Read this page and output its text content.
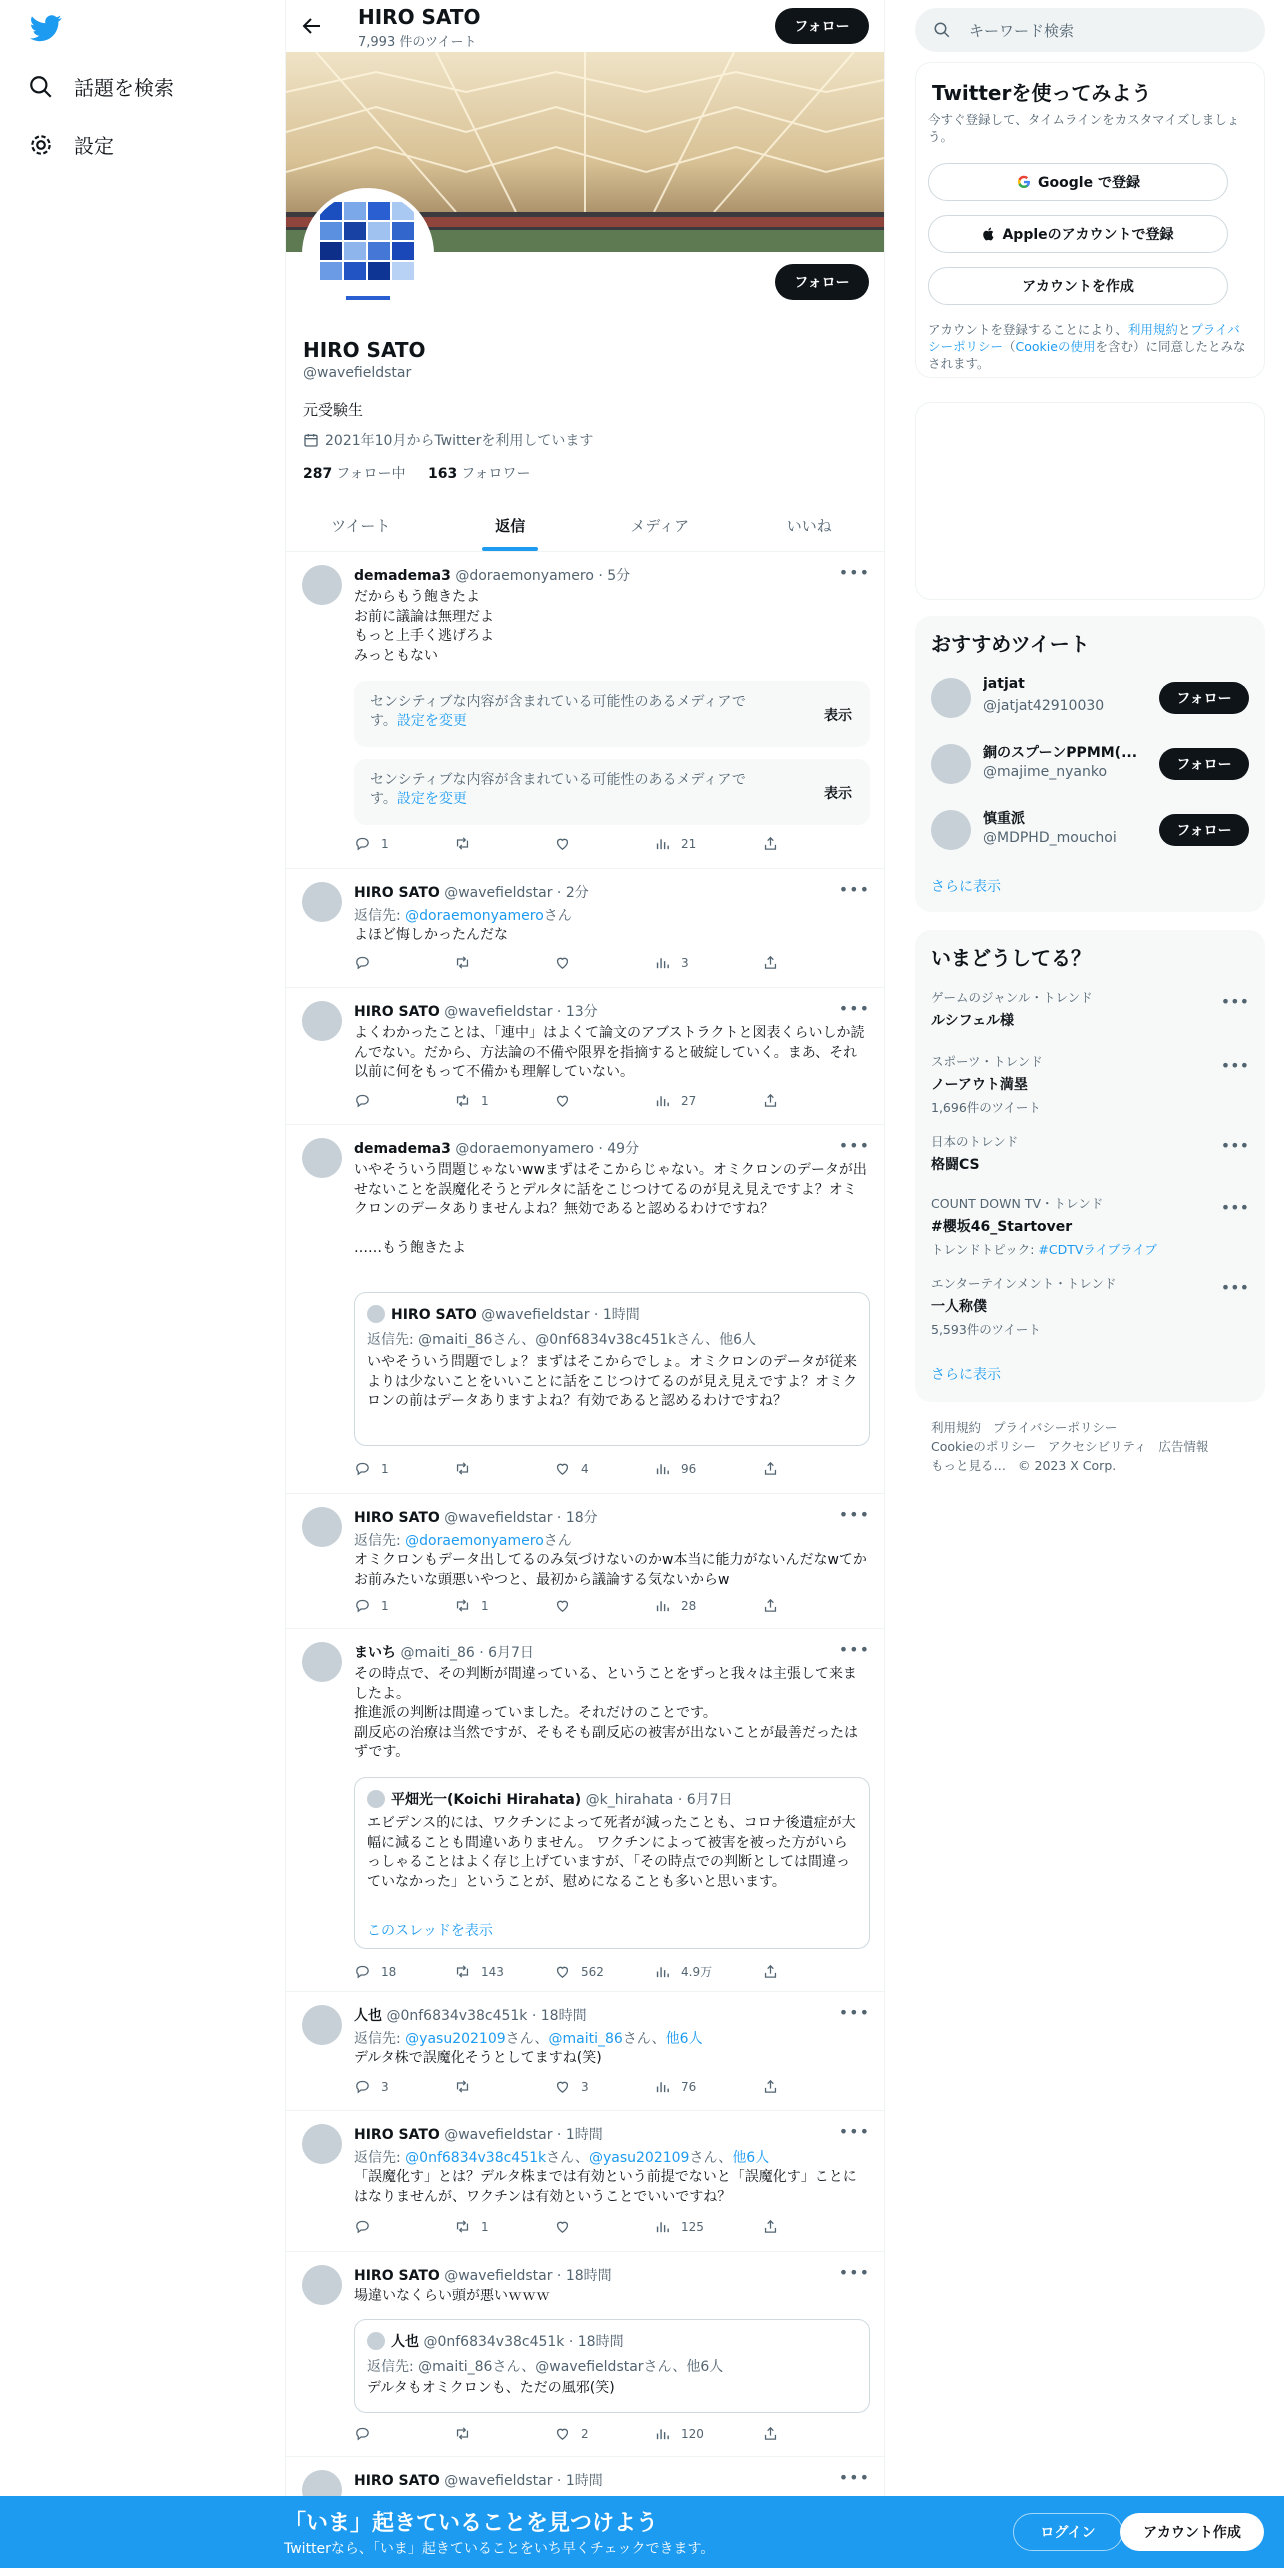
話題を検索
設定
HIRO SATO
7,993 件のツイート
フォロー
フォロー
HIRO SATO
@wavefieldstar
元受験生
2021年10月からTwitterを利用しています
287 フォロー中 163 フォロワー
ツイート	返信	メディア	いいね
demadema3 @doraemonyamero · 5分	•••
だからもう飽きたよ
お前に議論は無理だよ
もっと上手く逃げろよ
みっともない
センシティブな内容が含まれている可能性のあるメディアです。設定を変更	表示
センシティブな内容が含まれている可能性のあるメディアです。設定を変更	表示
1	21
HIRO SATO @wavefieldstar · 2分	•••
返信先: @doraemonyameroさん
よほど悔しかったんだな
3
HIRO SATO @wavefieldstar · 13分	•••
よくわかったことは、「連中」はよくて論文のアブストラクトと図表くらいしか読んでない。だから、方法論の不備や限界を指摘すると破綻していく。まあ、それ以前に何をもって不備かも理解していない。
1	27
demadema3 @doraemonyamero · 49分	•••
いやそういう問題じゃないwwまずはそこからじゃない。オミクロンのデータが出せないことを誤魔化そうとデルタに話をこじつけてるのが見え見えですよ？オミクロンのデータありませんよね？無効であると認めるわけですね？

……もう飽きたよ
HIRO SATO @wavefieldstar · 1時間
返信先: @maiti_86さん、@0nf6834v38c451kさん、他6人
いやそういう問題でしょ？まずはそこからでしょ。オミクロンのデータが従来よりは少ないことをいいことに話をこじつけてるのが見え見えですよ？オミクロンの前はデータありますよね？有効であると認めるわけですね？
1	4	96
HIRO SATO @wavefieldstar · 18分	•••
返信先: @doraemonyameroさん
オミクロンもデータ出してるのみ気づけないのかw本当に能力がないんだなwてかお前みたいな頭悪いやつと、最初から議論する気ないからw
1	1	28
まいち @maiti_86 · 6月7日	•••
その時点で、その判断が間違っている、ということをずっと我々は主張して来ましたよ。
推進派の判断は間違っていました。それだけのことです。
副反応の治療は当然ですが、そもそも副反応の被害が出ないことが最善だったはずです。
平畑光一(Koichi Hirahata) @k_hirahata · 6月7日
エビデンス的には、ワクチンによって死者が減ったことも、コロナ後遺症が大幅に減ることも間違いありません。 ワクチンによって被害を被った方がいらっしゃることはよく存じ上げていますが、「その時点での判断としては間違っていなかった」ということが、慰めになることも多いと思います。
このスレッドを表示
18	143	562	4.9万
人也 @0nf6834v38c451k · 18時間	•••
返信先: @yasu202109さん、@maiti_86さん、他6人
デルタ株で誤魔化そうとしてますね(笑)
3	3	76
HIRO SATO @wavefieldstar · 1時間	•••
返信先: @0nf6834v38c451kさん、@yasu202109さん、他6人
「誤魔化す」とは？デルタ株までは有効という前提でないと「誤魔化す」ことにはなりませんが、ワクチンは有効ということでいいですね？
1	125
HIRO SATO @wavefieldstar · 18時間	•••
場違いなくらい頭が悪いｗｗｗ
人也 @0nf6834v38c451k · 18時間
返信先: @maiti_86さん、@wavefieldstarさん、他6人
デルタもオミクロンも、ただの風邪(笑)
2	120
HIRO SATO @wavefieldstar · 1時間	•••
キーワード検索
Twitterを使ってみよう
今すぐ登録して、タイムラインをカスタマイズしましょう。
Google で登録
Appleのアカウントで登録
アカウントを作成
アカウントを登録することにより、利用規約とプライバシーポリシー（Cookieの使用を含む）に同意したとみなされます。
おすすめツイート
jatjat
@jatjat42910030	フォロー
銅のスプーンPPMM(...
@majime_nyanko	フォロー
慎重派
@MDPHD_mouchoi	フォロー
さらに表示
いまどうしてる？
ゲームのジャンル・トレンド
ルシフェル様
•••
スポーツ・トレンド
ノーアウト満塁
1,696件のツイート
•••
日本のトレンド
格闘CS
•••
COUNT DOWN TV・トレンド
#櫻坂46_Startover
トレンドトピック: #CDTVライブライブ
•••
エンターテインメント・トレンド
一人称僕
5,593件のツイート
•••
さらに表示
利用規約 プライバシーポリシー
Cookieのポリシー アクセシビリティ 広告情報
もっと見る… © 2023 X Corp.
「いま」起きていることを見つけよう
Twitterなら、「いま」起きていることをいち早くチェックできます。
ログイン	アカウント作成
